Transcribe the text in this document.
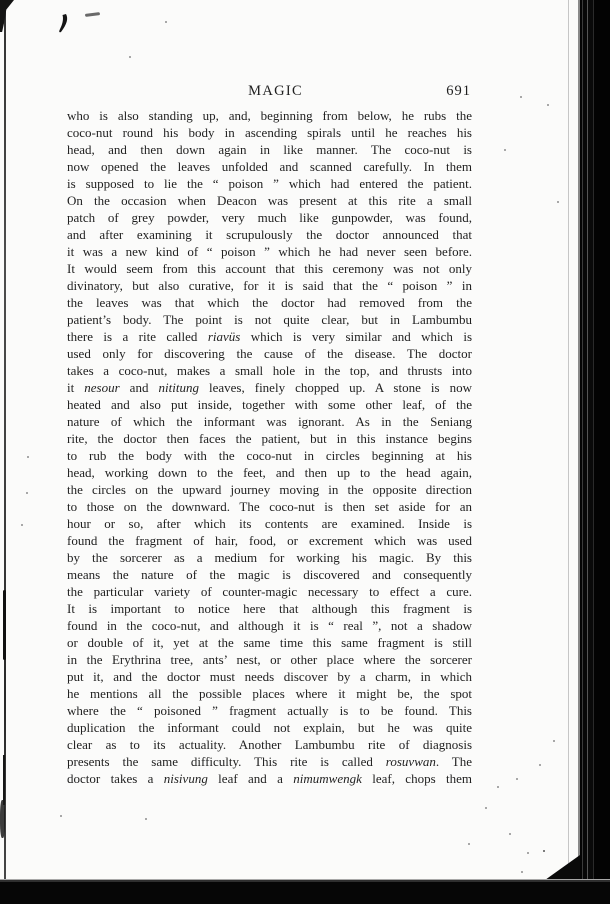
MAGIC	691
who is also standing up, and, beginning from below, he rubs the
coco-nut round his body in ascending spirals until he reaches his
head, and then down again in like manner. The coco-nut is
now opened the leaves unfolded and scanned carefully. In them
is supposed to lie the “ poison ” which had entered the patient.
On the occasion when Deacon was present at this rite a small
patch of grey powder, very much like gunpowder, was found,
and after examining it scrupulously the doctor announced that
it was a new kind of “ poison ” which he had never seen before.
It would seem from this account that this ceremony was not only
divinatory, but also curative, for it is said that the “ poison ” in
the leaves was that which the doctor had removed from the
patient’s body. The point is not quite clear, but in Lambumbu
there is a rite called riavüs which is very similar and which is
used only for discovering the cause of the disease. The doctor
takes a coco-nut, makes a small hole in the top, and thrusts into
it nesour and nititung leaves, finely chopped up. A stone is now
heated and also put inside, together with some other leaf, of the
nature of which the informant was ignorant. As in the Seniang
rite, the doctor then faces the patient, but in this instance begins
to rub the body with the coco-nut in circles beginning at his
head, working down to the feet, and then up to the head again,
the circles on the upward journey moving in the opposite direction
to those on the downward. The coco-nut is then set aside for an
hour or so, after which its contents are examined. Inside is
found the fragment of hair, food, or excrement which was used
by the sorcerer as a medium for working his magic. By this
means the nature of the magic is discovered and consequently
the particular variety of counter-magic necessary to effect a cure.
It is important to notice here that although this fragment is
found in the coco-nut, and although it is “ real ”, not a shadow
or double of it, yet at the same time this same fragment is still
in the Erythrina tree, ants’ nest, or other place where the sorcerer
put it, and the doctor must needs discover by a charm, in which
he mentions all the possible places where it might be, the spot
where the “ poisoned ” fragment actually is to be found. This
duplication the informant could not explain, but he was quite
clear as to its actuality. Another Lambumbu rite of diagnosis
presents the same difficulty. This rite is called rosuvwan. The
doctor takes a nisivung leaf and a nimumwengk leaf, chops them
